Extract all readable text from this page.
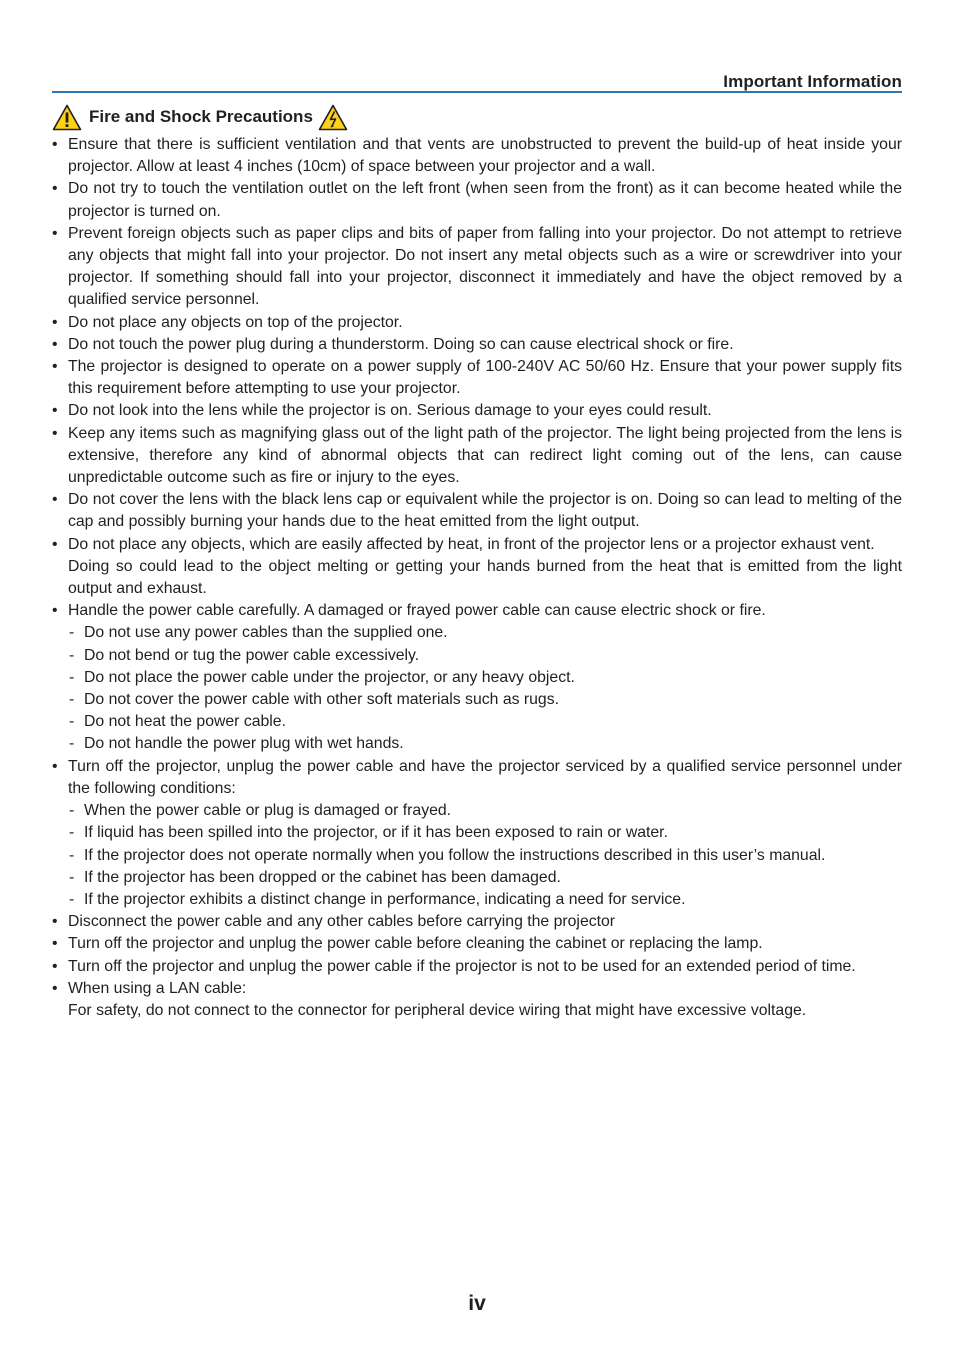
Important Information
Fire and Shock Precautions
• Ensure that there is sufficient ventilation and that vents are unobstructed to prevent the build-up of heat inside your projector. Allow at least 4 inches (10cm) of space between your projector and a wall.
• Do not try to touch the ventilation outlet on the left front (when seen from the front) as it can become heated while the projector is turned on.
• Prevent foreign objects such as paper clips and bits of paper from falling into your projector. Do not attempt to retrieve any objects that might fall into your projector. Do not insert any metal objects such as a wire or screwdriver into your projector. If something should fall into your projector, disconnect it immediately and have the object removed by a qualified service personnel.
• Do not place any objects on top of the projector.
• Do not touch the power plug during a thunderstorm. Doing so can cause electrical shock or fire.
• The projector is designed to operate on a power supply of 100-240V AC 50/60 Hz. Ensure that your power supply fits this requirement before attempting to use your projector.
• Do not look into the lens while the projector is on. Serious damage to your eyes could result.
• Keep any items such as magnifying glass out of the light path of the projector. The light being projected from the lens is extensive, therefore any kind of abnormal objects that can redirect light coming out of the lens, can cause unpredictable outcome such as fire or injury to the eyes.
• Do not cover the lens with the black lens cap or equivalent while the projector is on. Doing so can lead to melting of the cap and possibly burning your hands due to the heat emitted from the light output.
• Do not place any objects, which are easily affected by heat, in front of the projector lens or a projector exhaust vent.
Doing so could lead to the object melting or getting your hands burned from the heat that is emitted from the light output and exhaust.
• Handle the power cable carefully. A damaged or frayed power cable can cause electric shock or fire.
- Do not use any power cables than the supplied one.
- Do not bend or tug the power cable excessively.
- Do not place the power cable under the projector, or any heavy object.
- Do not cover the power cable with other soft materials such as rugs.
- Do not heat the power cable.
- Do not handle the power plug with wet hands.
• Turn off the projector, unplug the power cable and have the projector serviced by a qualified service personnel under the following conditions:
- When the power cable or plug is damaged or frayed.
- If liquid has been spilled into the projector, or if it has been exposed to rain or water.
- If the projector does not operate normally when you follow the instructions described in this user’s manual.
- If the projector has been dropped or the cabinet has been damaged.
- If the projector exhibits a distinct change in performance, indicating a need for service.
• Disconnect the power cable and any other cables before carrying the projector
• Turn off the projector and unplug the power cable before cleaning the cabinet or replacing the lamp.
• Turn off the projector and unplug the power cable if the projector is not to be used for an extended period of time.
• When using a LAN cable:
For safety, do not connect to the connector for peripheral device wiring that might have excessive voltage.
iv
